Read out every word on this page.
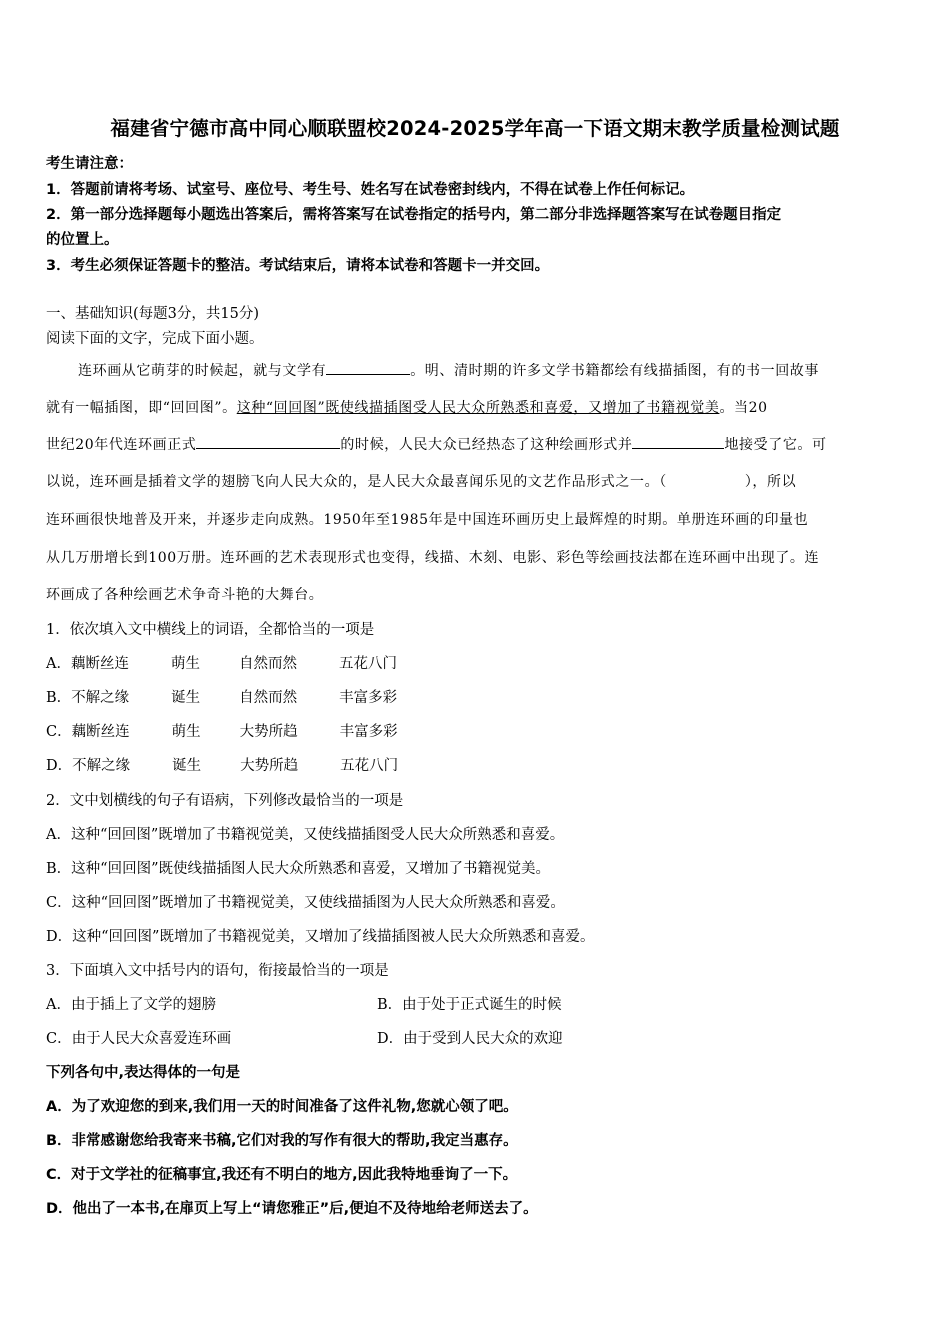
福建省宁德市高中同心顺联盟校2024-2025学年高一下语文期末教学质量检测试题
考生请注意：
1．答题前请将考场、试室号、座位号、考生号、姓名写在试卷密封线内，不得在试卷上作任何标记。
2．第一部分选择题每小题选出答案后，需将答案写在试卷指定的括号内，第二部分非选择题答案写在试卷题目指定
的位置上。
3．考生必须保证答题卡的整洁。考试结束后，请将本试卷和答题卡一并交回。
一、基础知识(每题3分，共15分)
阅读下面的文字，完成下面小题。
连环画从它萌芽的时候起，就与文学有	。明、清时期的许多文学书籍都绘有线描插图，有的书一回故事
就有一幅插图，即“回回图”。这种“回回图”既使线描插图受人民大众所熟悉和喜爱，又增加了书籍视觉美。当20
世纪20年代连环画正式	的时候，人民大众已经热态了这种绘画形式并	地接受了它。可
以说，连环画是插着文学的翅膀飞向人民大众的，是人民大众最喜闻乐见的文艺作品形式之一。（	），所以
连环画很快地普及开来，并逐步走向成熟。1950年至1985年是中国连环画历史上最辉煌的时期。单册连环画的印量也
从几万册增长到100万册。连环画的艺术表现形式也变得，线描、木刻、电影、彩色等绘画技法都在连环画中出现了。连
环画成了各种绘画艺术争奇斗艳的大舞台。
1．依次填入文中横线上的词语，全都恰当的一项是
A．藕断丝连	萌生	自然而然	五花八门
B．不解之缘	诞生	自然而然	丰富多彩
C．藕断丝连	萌生	大势所趋	丰富多彩
D．不解之缘	诞生	大势所趋	五花八门
2．文中划横线的句子有语病，下列修改最恰当的一项是
A．这种“回回图”既增加了书籍视觉美，又使线描插图受人民大众所熟悉和喜爱。
B．这种“回回图”既使线描插图人民大众所熟悉和喜爱，又增加了书籍视觉美。
C．这种“回回图”既增加了书籍视觉美，又使线描插图为人民大众所熟悉和喜爱。
D．这种“回回图”既增加了书籍视觉美，又增加了线描插图被人民大众所熟悉和喜爱。
3．下面填入文中括号内的语句，衔接最恰当的一项是
A．由于插上了文学的翅膀	B．由于处于正式诞生的时候
C．由于人民大众喜爱连环画	D．由于受到人民大众的欢迎
下列各句中,表达得体的一句是
A．为了欢迎您的到来,我们用一天的时间准备了这件礼物,您就心领了吧。
B．非常感谢您给我寄来书稿,它们对我的写作有很大的帮助,我定当惠存。
C．对于文学社的征稿事宜,我还有不明白的地方,因此我特地垂询了一下。
D．他出了一本书,在扉页上写上“请您雅正”后,便迫不及待地给老师送去了。
